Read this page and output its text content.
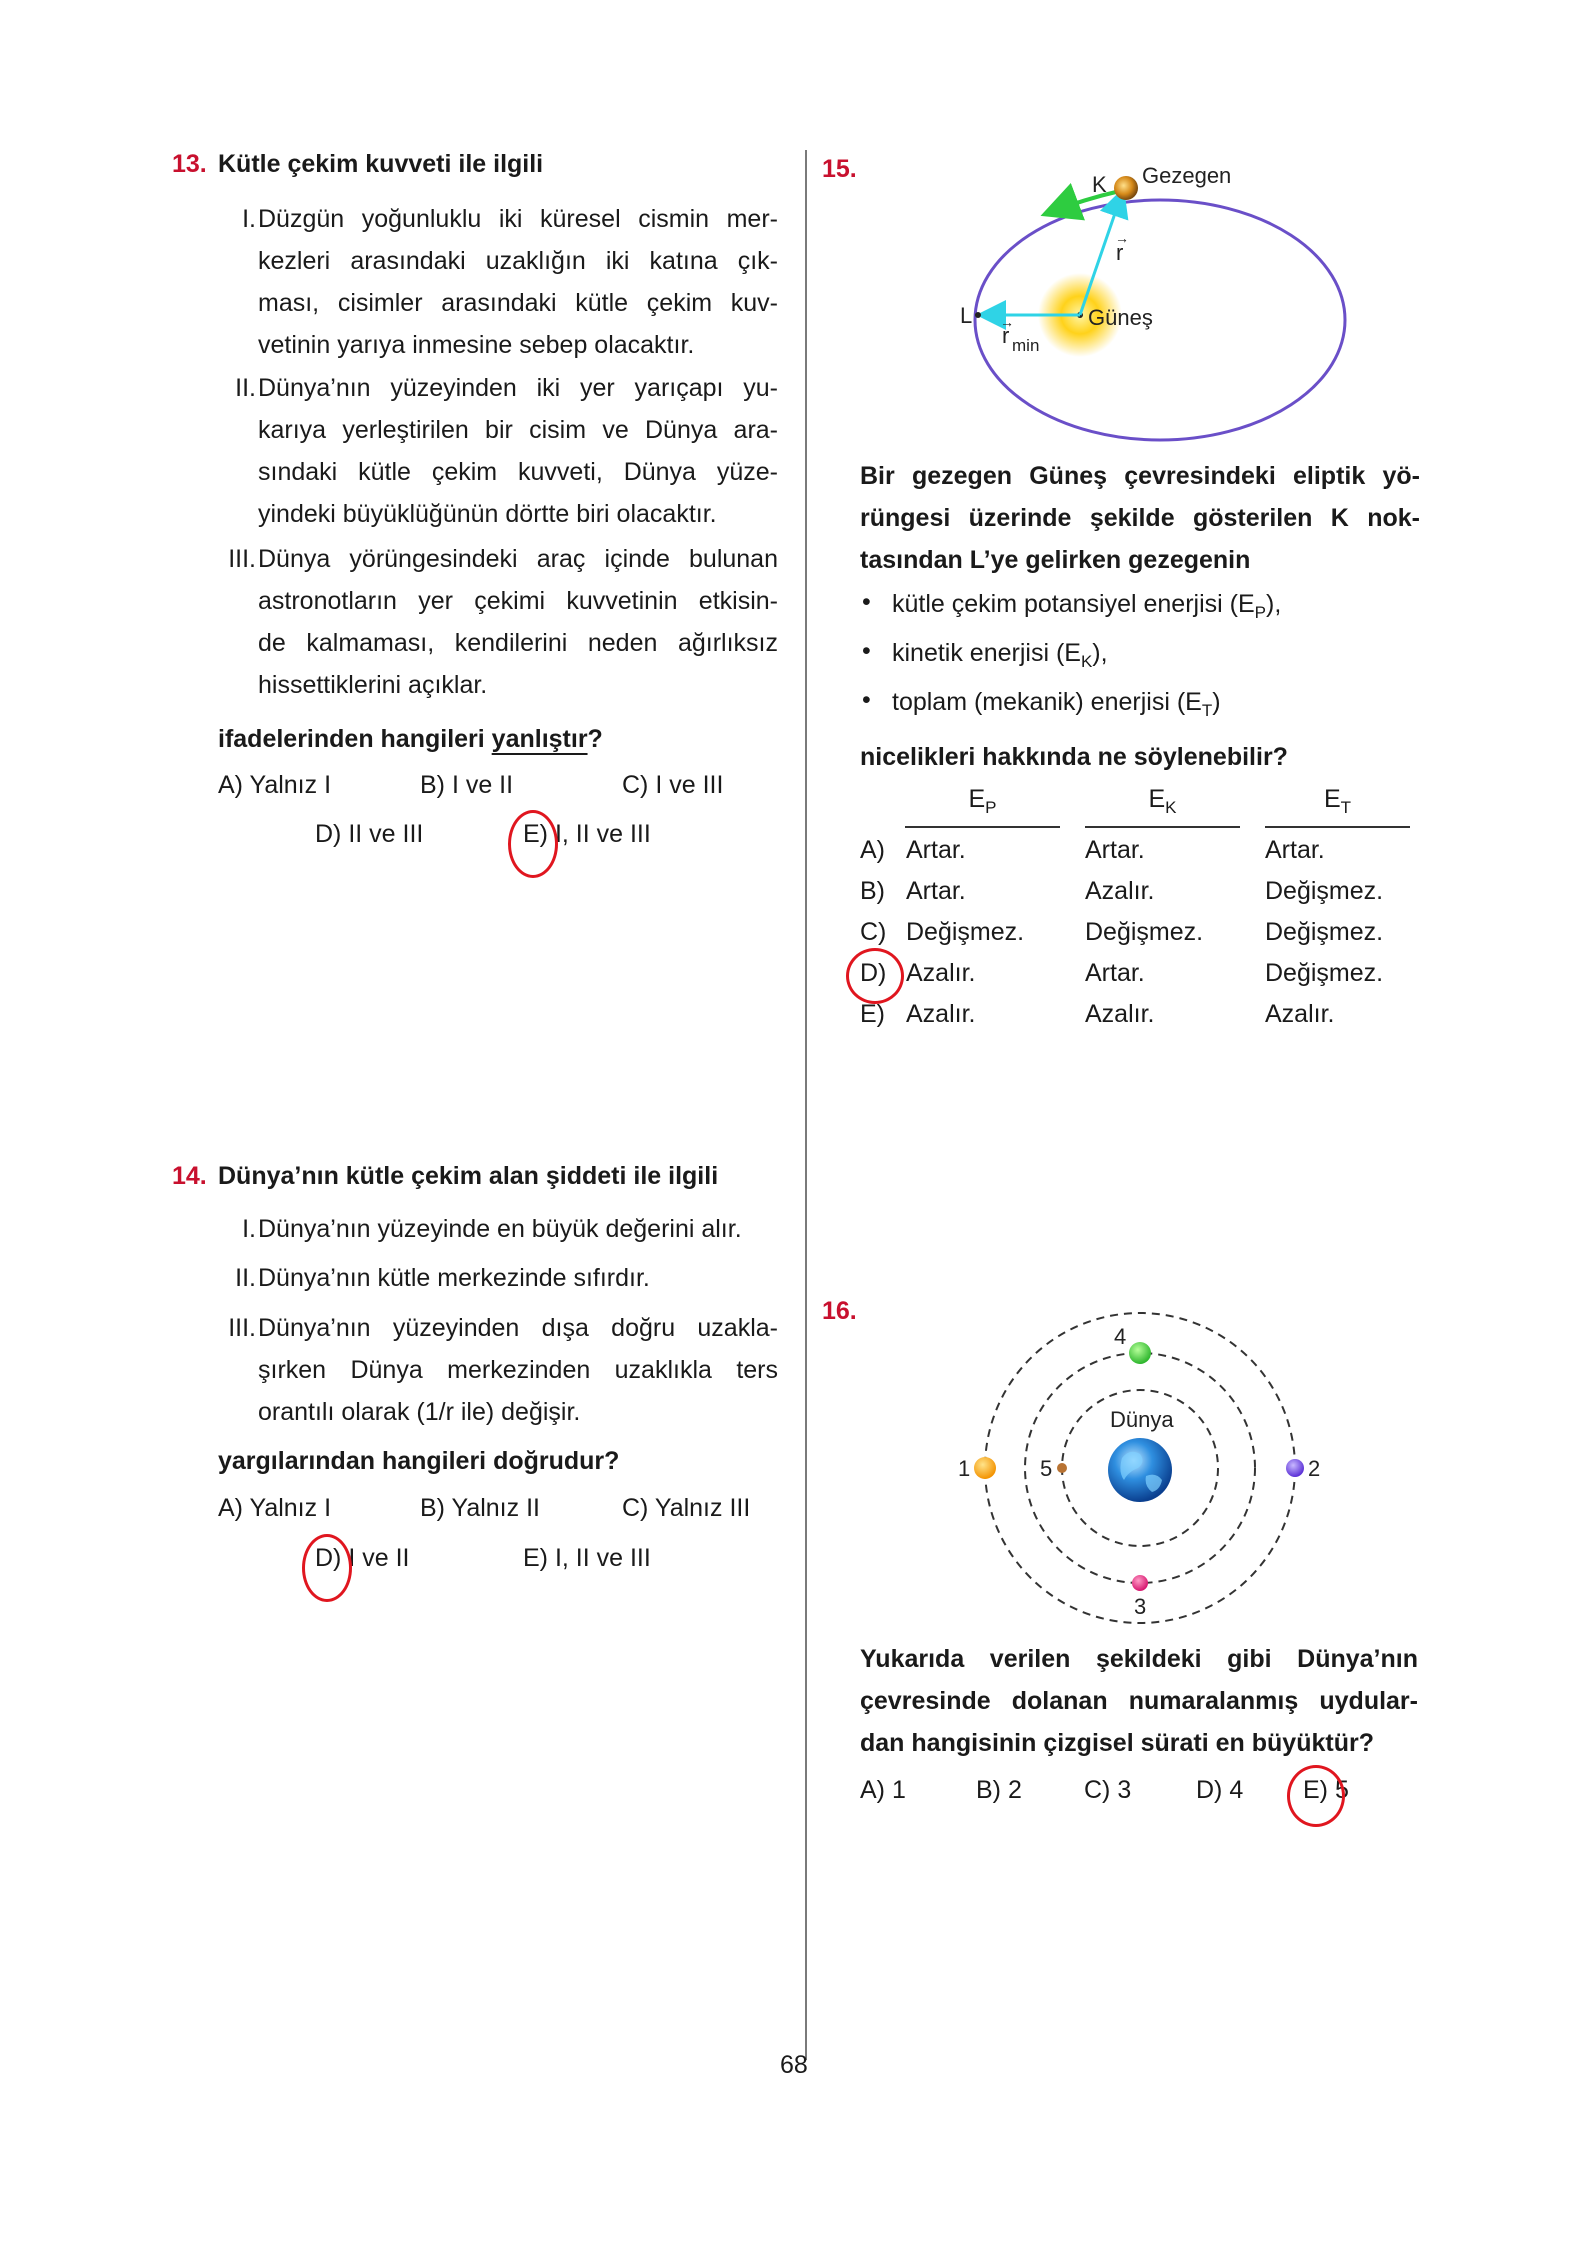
13. Kütle çekim kuvveti ile ilgili
I. Düzgün yoğunluklu iki küresel cismin mer-
kezleri arasındaki uzaklığın iki katına çık-
ması, cisimler arasındaki kütle çekim kuv-
vetinin yarıya inmesine sebep olacaktır.
II. Dünya’nın yüzeyinden iki yer yarıçapı yu-
karıya yerleştirilen bir cisim ve Dünya ara-
sındaki kütle çekim kuvveti, Dünya yüze-
yindeki büyüklüğünün dörtte biri olacaktır.
III. Dünya yörüngesindeki araç içinde bulunan
astronotların yer çekimi kuvvetinin etkisin-
de kalmaması, kendilerini neden ağırlıksız
hissettiklerini açıklar.
ifadelerinden hangileri yanlıştır?
A) Yalnız I	B) I ve II	C) I ve III
D) II ve III	E) I, II ve III
14. Dünya’nın kütle çekim alan şiddeti ile ilgili
I. Dünya’nın yüzeyinde en büyük değerini alır.
II. Dünya’nın kütle merkezinde sıfırdır.
III. Dünya’nın yüzeyinden dışa doğru uzakla-
şırken Dünya merkezinden uzaklıkla ters
orantılı olarak (1/r ile) değişir.
yargılarından hangileri doğrudur?
A) Yalnız I	B) Yalnız II	C) Yalnız III
D) I ve II	E) I, II ve III
15.
K Gezegen
L	Güneş
r
→
r min
→
Bir gezegen Güneş çevresindeki eliptik yö-
rüngesi üzerinde şekilde gösterilen K nok-
tasından L’ye gelirken gezegenin
• kütle çekim potansiyel enerjisi $(E_P)$,
• kinetik enerjisi $(E_K)$,
• toplam (mekanik) enerjisi $(E_T)$
nicelikleri hakkında ne söylenebilir?
$E_P$	$E_K$	$E_T$
A) Artar.	Artar.	Artar.
B) Artar.	Azalır.	Değişmez.
C) Değişmez. Değişmez. Değişmez.
D) Azalır.	Artar.	Değişmez.
E) Azalır.	Azalır.	Azalır.
16.
Dünya
1	2
3
4
5
Yukarıda verilen şekildeki gibi Dünya’nın
çevresinde dolanan numaralanmış uydular-
dan hangisinin çizgisel sürati en büyüktür?
A) 1	B) 2 C) 3	D) 4 E) 5
68
